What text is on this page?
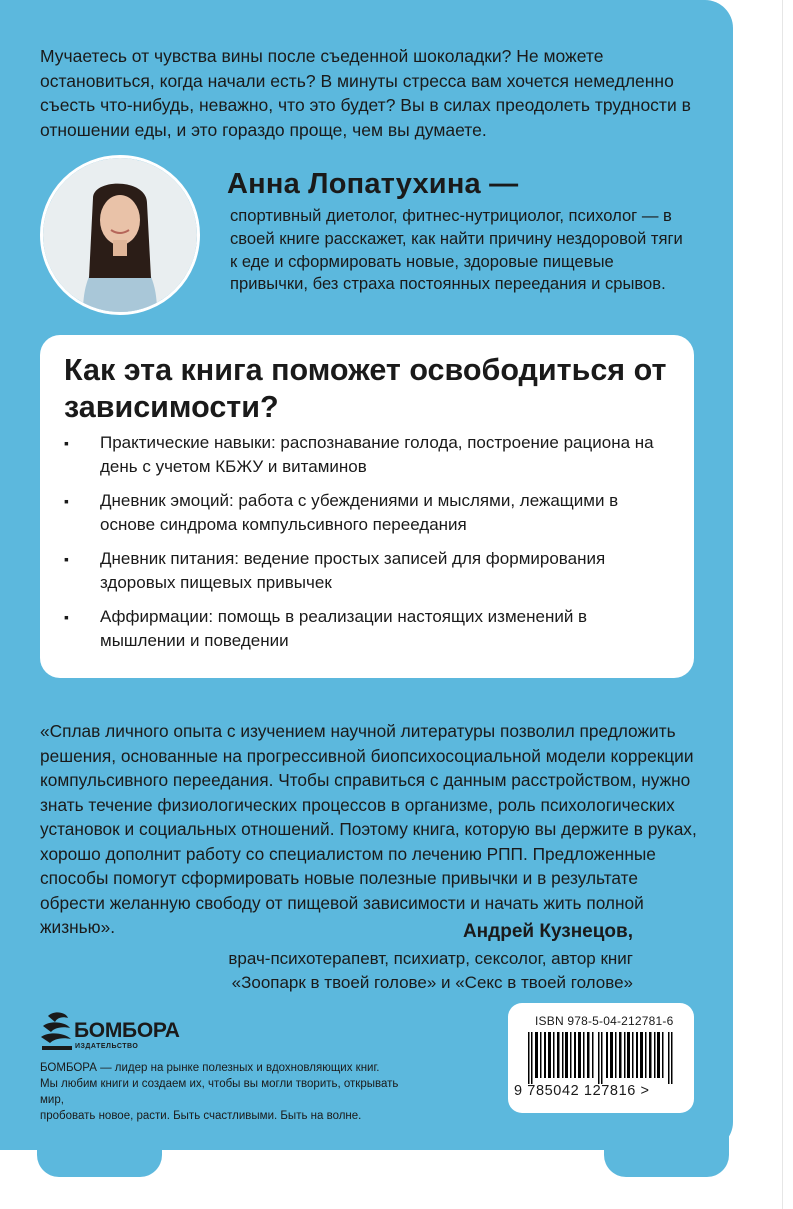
Мучаетесь от чувства вины после съеденной шоколадки? Не можете остановиться, когда начали есть? В минуты стресса вам хочется немедленно съесть что-нибудь, неважно, что это будет? Вы в силах преодолеть трудности в отношении еды, и это гораздо проще, чем вы думаете.

Анна Лопатухина —

спортивный диетолог, фитнес-нутрициолог, психолог — в своей книге расскажет, как найти причину нездоровой тяги к еде и сформировать новые, здоровые пищевые привычки, без страха постоянных переедания и срывов.

Как эта книга поможет освободиться от зависимости?
▪ Практические навыки: распознавание голода, построение рациона на день с учетом КБЖУ и витаминов
▪ Дневник эмоций: работа с убеждениями и мыслями, лежащими в основе синдрома компульсивного переедания
▪ Дневник питания: ведение простых записей для формирования здоровых пищевых привычек
▪ Аффирмации: помощь в реализации настоящих изменений в мышлении и поведении

«Сплав личного опыта с изучением научной литературы позволил предложить решения, основанные на прогрессивной биопсихосоциальной модели коррекции компульсивного переедания. Чтобы справиться с данным расстройством, нужно знать течение физиологических процессов в организме, роль психологических установок и социальных отношений. Поэтому книга, которую вы держите в руках, хорошо дополнит работу со специалистом по лечению РПП. Предложенные способы помогут сформировать новые полезные привычки и в результате обрести желанную свободу от пищевой зависимости и начать жить полной жизнью».	Андрей Кузнецов,

врач-психотерапевт, психиатр, сексолог, автор книг
«Зоопарк в твоей голове» и «Секс в твоей голове»

БОМБОРА
ИЗДАТЕЛЬСТВО

БОМБОРА — лидер на рынке полезных и вдохновляющих книг.
Мы любим книги и создаем их, чтобы вы могли творить, открывать мир,
пробовать новое, расти. Быть счастливыми. Быть на волне.

ISBN 978-5-04-212781-6
9 785042 127816 >
